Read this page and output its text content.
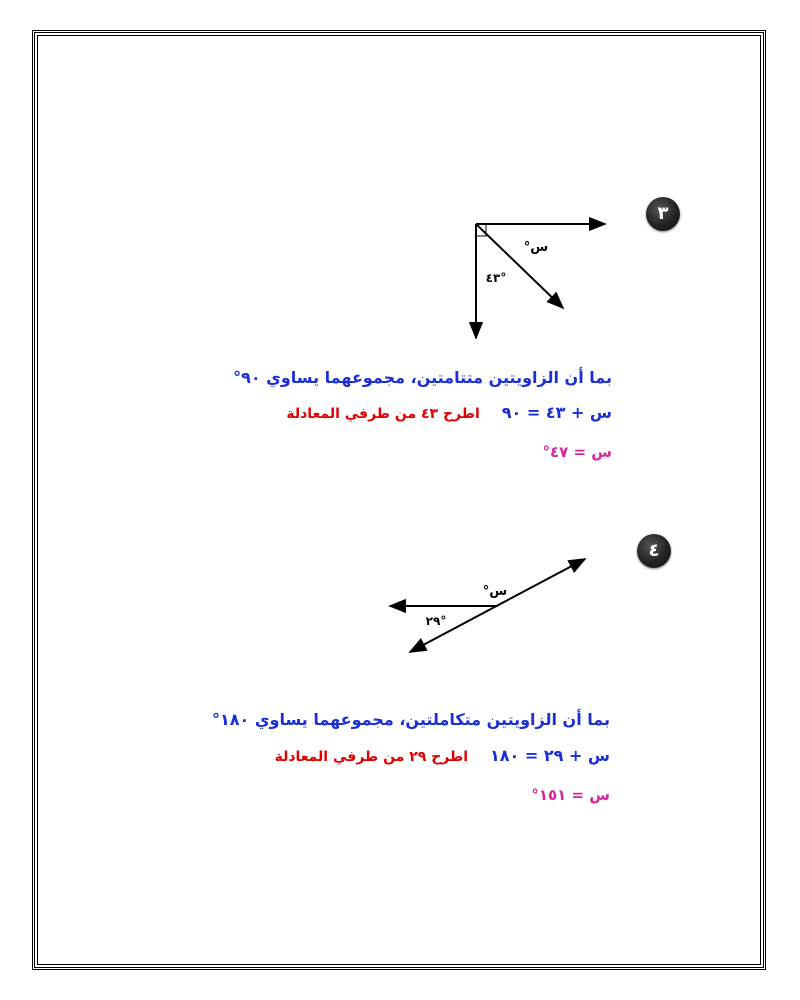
٣
س°
°٤٣
بما أن الزاويتين متتامتين، مجموعهما يساوي ٩٠°
س + ٤٣ = ٩٠اطرح ٤٣ من طرفي المعادلة
س = ٤٧°
٤
س°
°٢٩
بما أن الزاويتين متكاملتين، مجموعهما يساوي ١٨٠°
س + ٢٩ = ١٨٠اطرح ٢٩ من طرفي المعادلة
س = ١٥١°
